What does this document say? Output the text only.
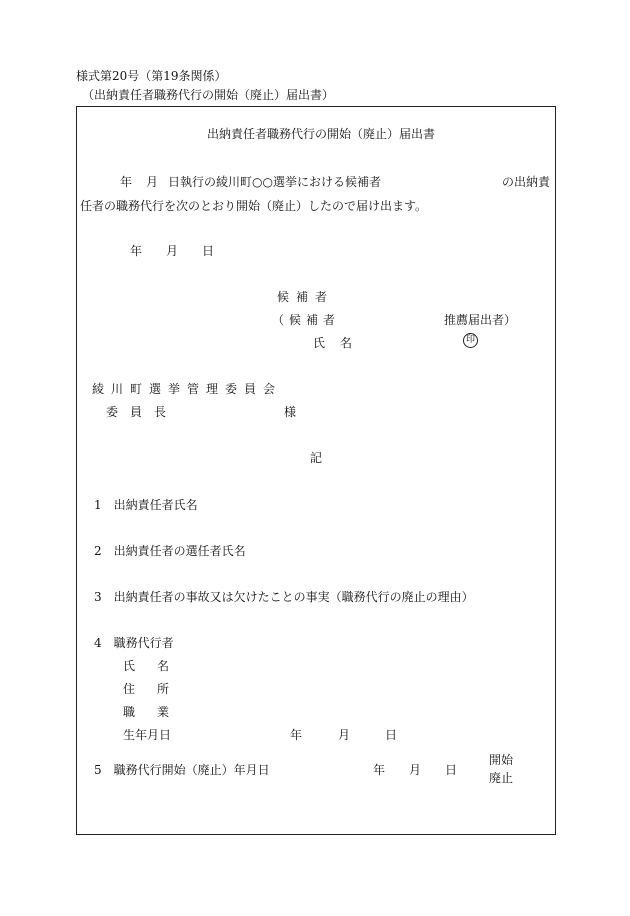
様式第20号（第19条関係）
（出納責任者職務代行の開始（廃止）届出書）
出納責任者職務代行の開始（廃止）届出書
年 月 日執行の綾川町○○選挙における候補者	の出納責
任者の職務代行を次のとおり開始（廃止）したので届け出ます。
年 月 日
候補者
（候補者	推薦届出者）
氏名	印
綾川町選挙管理委員会
委員長	様
記
1　出納責任者氏名
2　出納責任者の選任者氏名
3　出納責任者の事故又は欠けたことの事実（職務代行の廃止の理由）
4　職務代行者
氏名
住所
職業
生年月日	年	月	日
5　職務代行開始（廃止）年月日	年 月 日
開始
廃止
